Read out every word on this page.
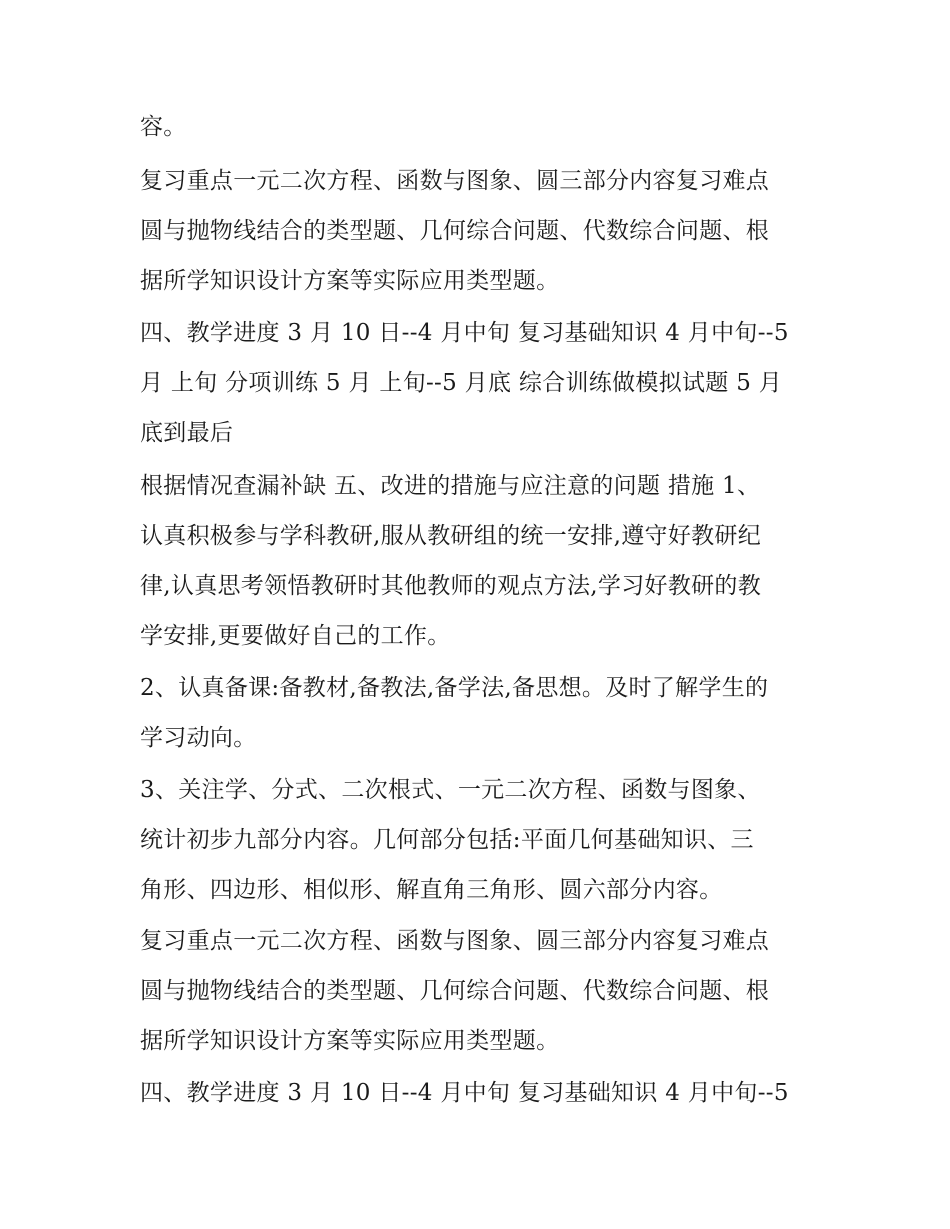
容。
复习重点一元二次方程、函数与图象、圆三部分内容复习难点
圆与抛物线结合的类型题、几何综合问题、代数综合问题、根
据所学知识设计方案等实际应用类型题。
四、教学进度 3 月 10 日--4 月中旬 复习基础知识 4 月中旬--5
月 上旬 分项训练 5 月 上旬--5 月底 综合训练做模拟试题 5 月
底到最后
根据情况查漏补缺 五、改进的措施与应注意的问题 措施 1、
认真积极参与学科教研,服从教研组的统一安排,遵守好教研纪
律,认真思考领悟教研时其他教师的观点方法,学习好教研的教
学安排,更要做好自己的工作。
2、认真备课:备教材,备教法,备学法,备思想。及时了解学生的
学习动向。
3、关注学、分式、二次根式、一元二次方程、函数与图象、
统计初步九部分内容。几何部分包括:平面几何基础知识、三
角形、四边形、相似形、解直角三角形、圆六部分内容。
复习重点一元二次方程、函数与图象、圆三部分内容复习难点
圆与抛物线结合的类型题、几何综合问题、代数综合问题、根
据所学知识设计方案等实际应用类型题。
四、教学进度 3 月 10 日--4 月中旬 复习基础知识 4 月中旬--5
